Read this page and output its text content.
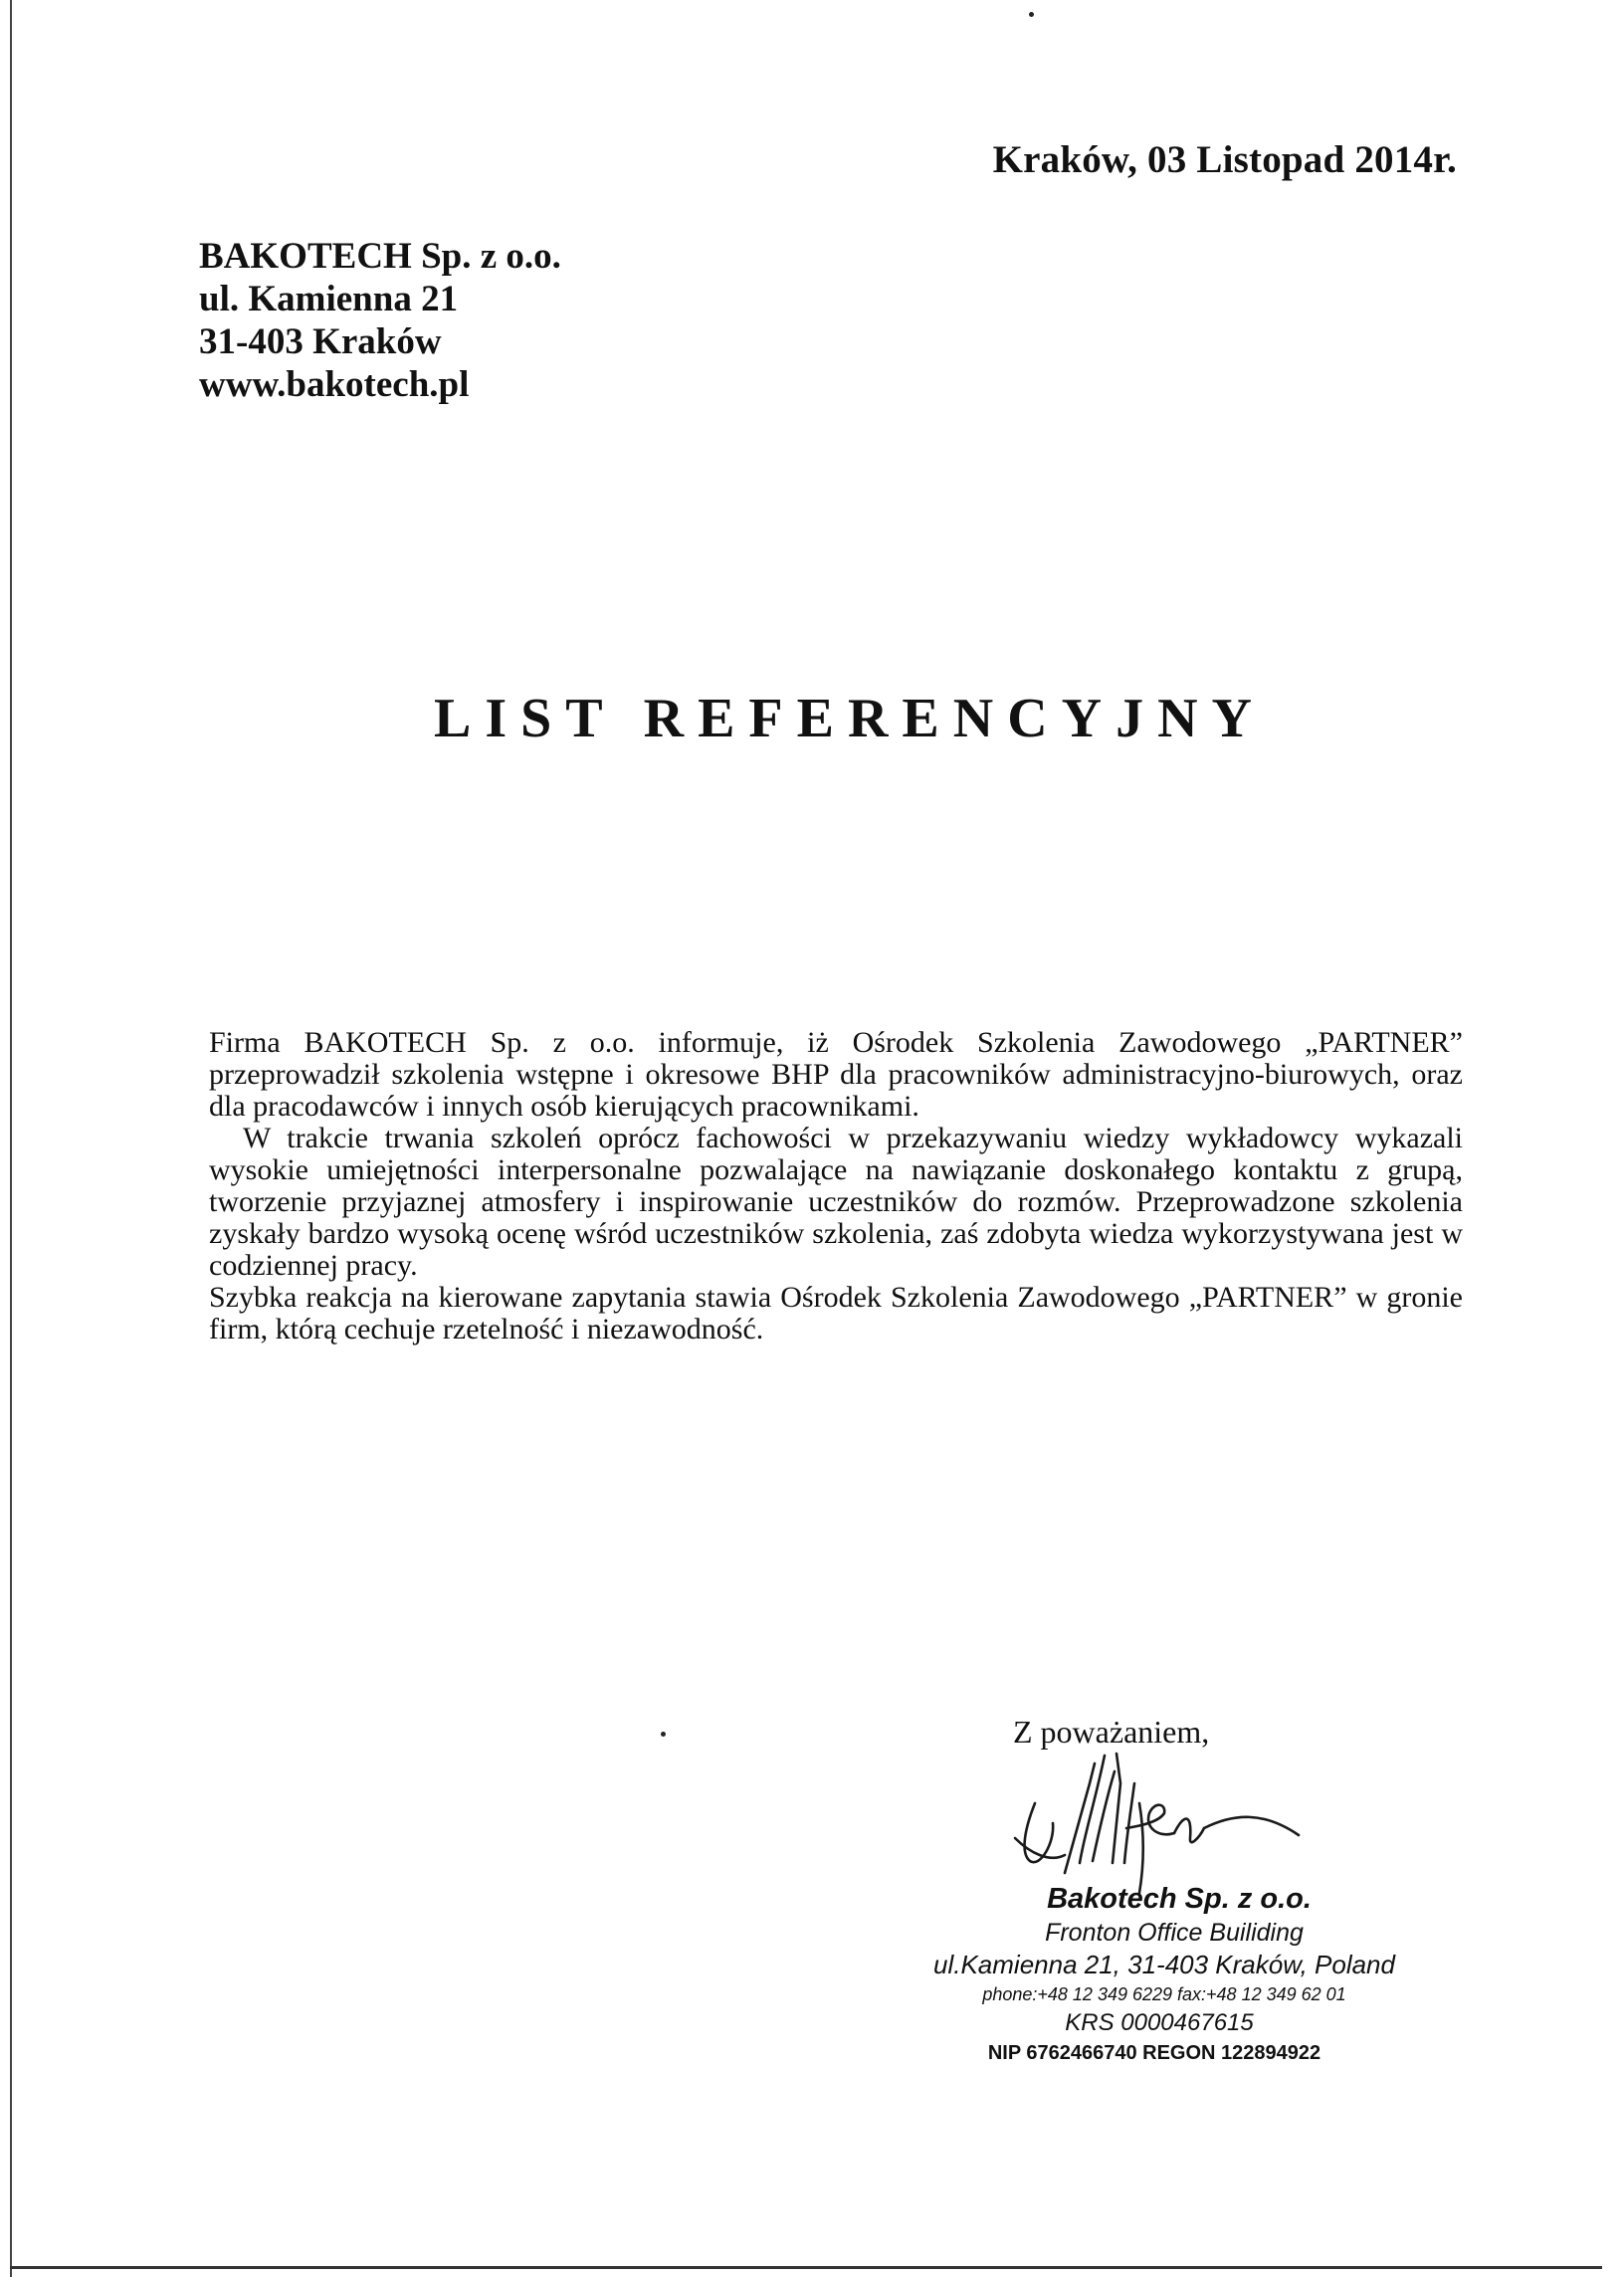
Kraków, 03 Listopad 2014r.
BAKOTECH Sp. z o.o.
ul. Kamienna 21
31-403 Kraków
www.bakotech.pl
LIST REFERENCYJNY

Firma BAKOTECH Sp. z o.o. informuje, iż Ośrodek Szkolenia Zawodowego „PARTNER” przeprowadził szkolenia wstępne i okresowe BHP dla pracowników administracyjno-biurowych, oraz dla pracodawców i innych osób kierujących pracownikami.

W trakcie trwania szkoleń oprócz fachowości w przekazywaniu wiedzy wykładowcy wykazali wysokie umiejętności interpersonalne pozwalające na nawiązanie doskonałego kontaktu z grupą, tworzenie przyjaznej atmosfery i inspirowanie uczestników do rozmów. Przeprowadzone szkolenia zyskały bardzo wysoką ocenę wśród uczestników szkolenia, zaś zdobyta wiedza wykorzystywana jest w codziennej pracy.

Szybka reakcja na kierowane zapytania stawia Ośrodek Szkolenia Zawodowego „PARTNER” w gronie firm, którą cechuje rzetelność i niezawodność.

Z poważaniem,
Bakotech Sp. z o.o.
Fronton Office Builiding
ul.Kamienna 21, 31-403 Kraków, Poland
phone:+48 12 349 6229 fax:+48 12 349 62 01
KRS 0000467615
NIP 6762466740 REGON 122894922
